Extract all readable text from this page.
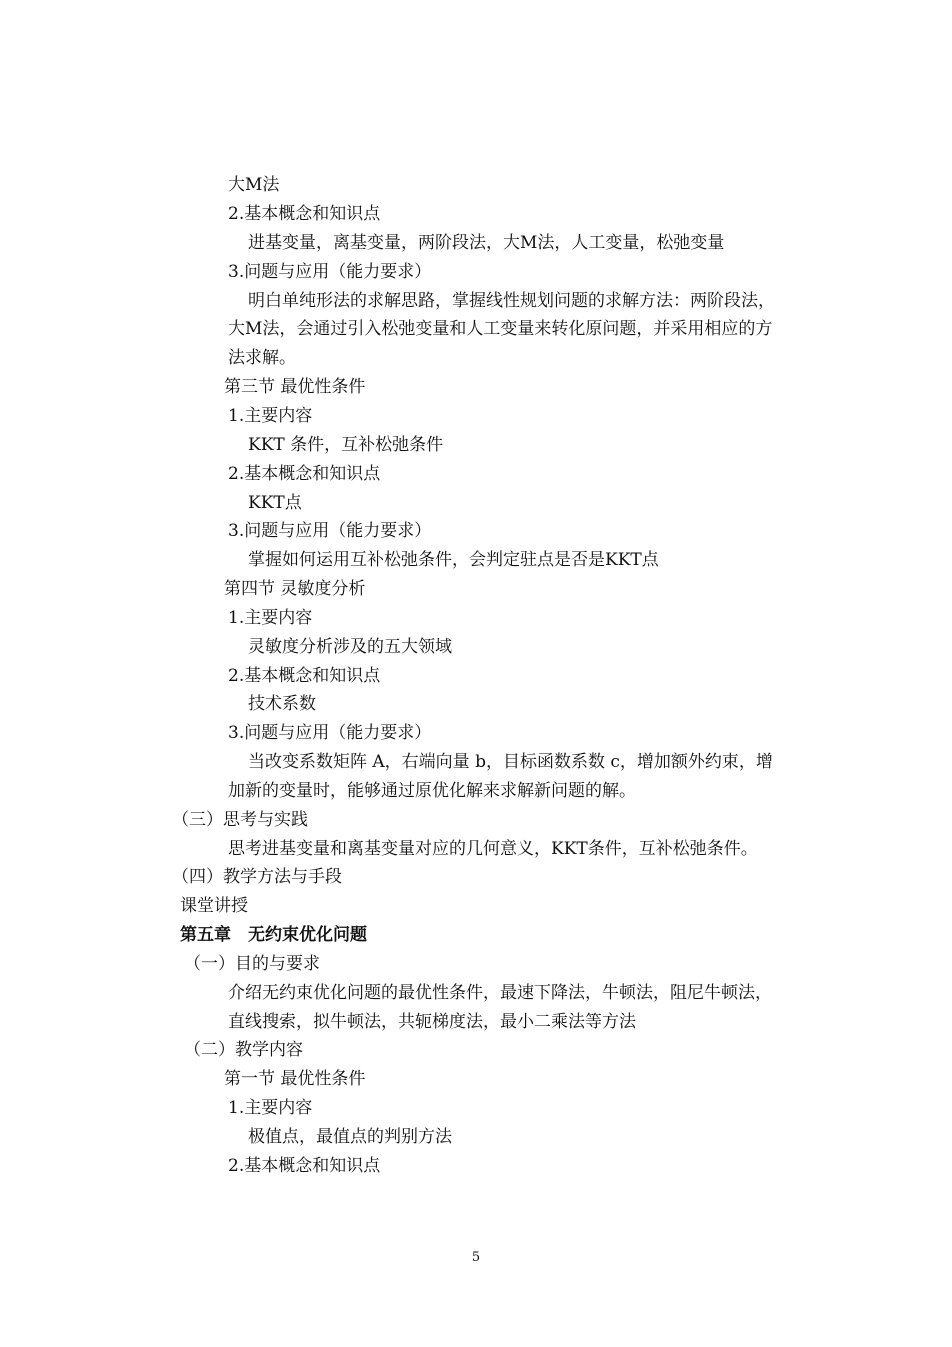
大M法
2.基本概念和知识点
进基变量，离基变量，两阶段法，大M法，人工变量，松弛变量
3.问题与应用（能力要求）
明白单纯形法的求解思路，掌握线性规划问题的求解方法：两阶段法，
大M法，会通过引入松弛变量和人工变量来转化原问题，并采用相应的方
法求解。
第三节 最优性条件
1.主要内容
KKT 条件，互补松弛条件
2.基本概念和知识点
KKT点
3.问题与应用（能力要求）
掌握如何运用互补松弛条件，会判定驻点是否是KKT点
第四节 灵敏度分析
1.主要内容
灵敏度分析涉及的五大领域
2.基本概念和知识点
技术系数
3.问题与应用（能力要求）
当改变系数矩阵 A，右端向量 b，目标函数系数 c，增加额外约束，增
加新的变量时，能够通过原优化解来求解新问题的解。
（三）思考与实践
思考进基变量和离基变量对应的几何意义，KKT条件，互补松弛条件。
（四）教学方法与手段
课堂讲授
第五章　无约束优化问题
（一）目的与要求
介绍无约束优化问题的最优性条件，最速下降法，牛顿法，阻尼牛顿法，
直线搜索，拟牛顿法，共轭梯度法，最小二乘法等方法
（二）教学内容
第一节 最优性条件
1.主要内容
极值点，最值点的判别方法
2.基本概念和知识点
5
